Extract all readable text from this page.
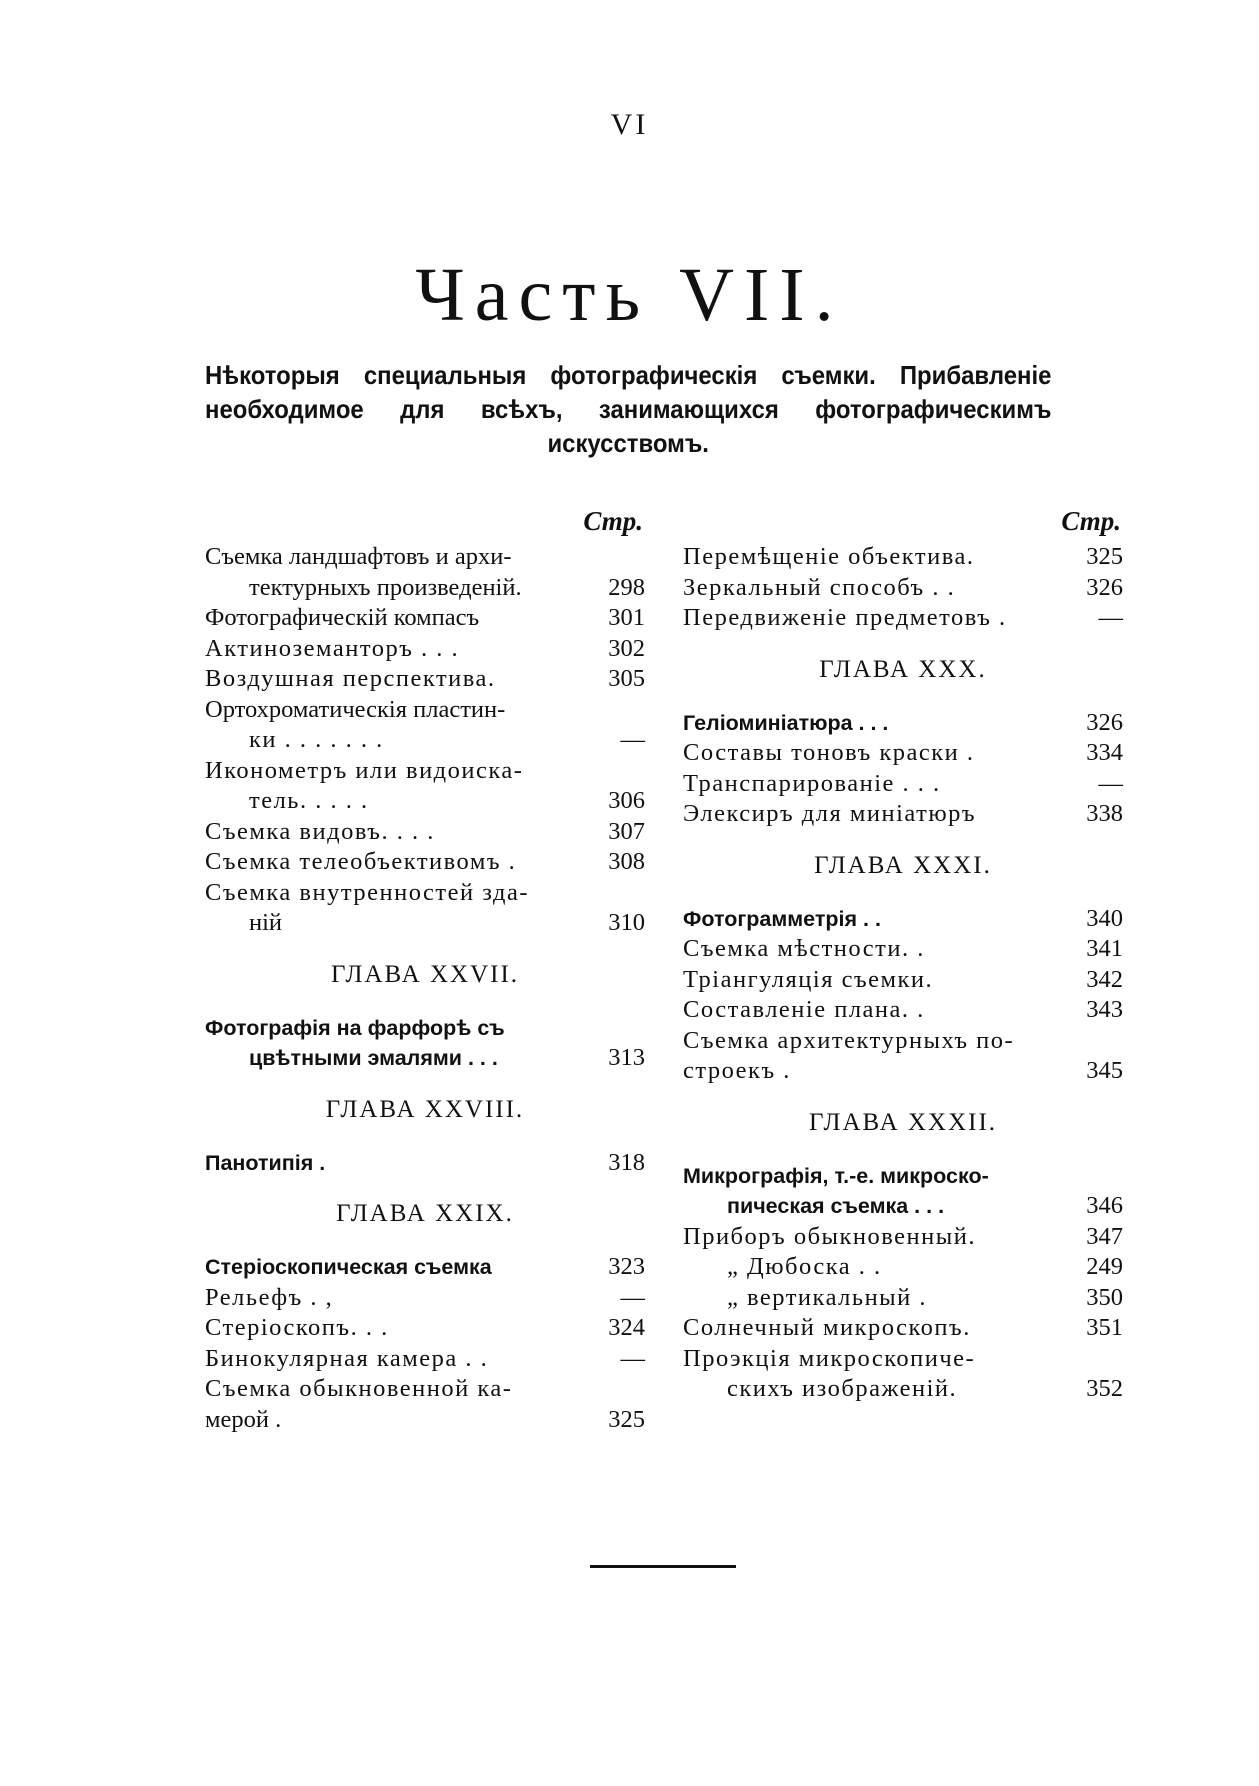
VI
Часть VII.
Нѣкоторыя специальныя фотографическія съемки. Прибавленіе необходимое для всѣхъ, занимающихся фотографическимъ искусствомъ.
Стр.
Съемка ландшафтовъ и архи-
тектурныхъ произведеній.	298
Фотографическій компасъ	301
Актиноземанторъ . . .	302
Воздушная перспектива.	305
Ортохроматическія пластин-
ки . . . . . . .	—
Иконометръ или видоиска-
тель. . . . .	306
Съемка видовъ. . . .	307
Съемка телеобъективомъ .	308
Съемка внутренностей зда-
ній	310
ГЛАВА XXVII.
Фотографія на фарфорѣ съ
цвѣтными эмалями . . .	313
ГЛАВА XXVIII.
Панотипія .	318
ГЛАВА XXIX.
Стеріоскопическая съемка	323
Рельефъ . ,	—
Стеріоскопъ. . .	324
Бинокулярная камера . .	—
Съемка обыкновенной ка-
мерой .	325
Стр.
Перемѣщеніе объектива.	325
Зеркальный способъ . .	326
Передвиженіе предметовъ .	—
ГЛАВА XXX.
Геліоминіатюра . . .	326
Составы тоновъ краски .	334
Транспарированіе . . .	—
Элексиръ для миніатюръ	338
ГЛАВА XXXI.
Фотограмметрія . .	340
Съемка мѣстности. .	341
Тріангуляція съемки.	342
Составленіе плана. .	343
Съемка архитектурныхъ по-
строекъ .	345
ГЛАВА XXXII.
Микрографія, т.-е. микроско-
пическая съемка . . .	346
Приборъ обыкновенный.	347
„ Дюбоска . .	249
„ вертикальный .	350
Солнечный микроскопъ.	351
Проэкція микроскопиче-
скихъ изображеній.	352
